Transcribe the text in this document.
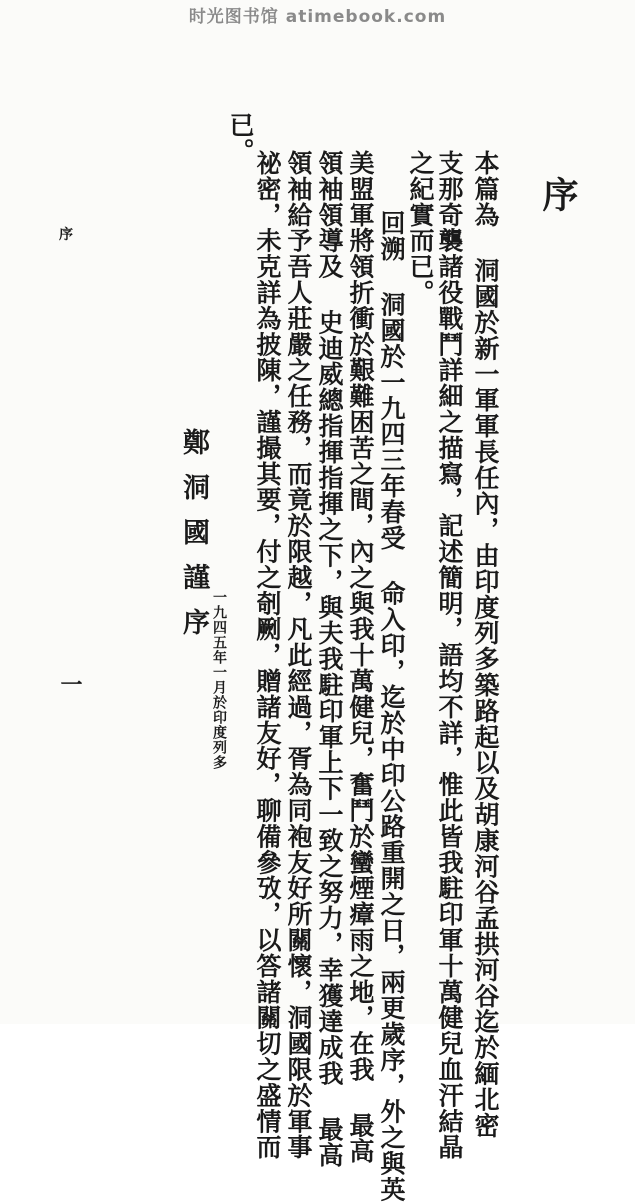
时光图书馆 atimebook.com
序
本篇為 洞國於新一軍軍長任內，由印度列多築路起以及胡康河谷孟拱河谷迄於緬北密
支那奇襲諸役戰鬥詳細之描寫，記述簡明，語均不詳，惟此皆我駐印軍十萬健兒血汗結晶
之紀實而已。
回溯 洞國於一九四三年春受 命入印，迄於中印公路重開之日，兩更歲序，外之與英
美盟軍將領折衝於艱難困苦之間，內之與我十萬健兒，奮鬥於蠻煙瘴雨之地，在我 最高
領袖領導及 史迪威總指揮指揮之下，與夫我駐印軍上下一致之努力，幸獲達成我 最高
領袖給予吾人莊嚴之任務，而竟於限越，凡此經過，胥為同袍友好所關懷，洞國限於軍事
祕密，未克詳為披陳，謹撮其要，付之剞劂，贈諸友好，聊備參攷，以答諸關切之盛情而
已。
鄭洞國謹序
一九四五年一月於印度列多
序
一
